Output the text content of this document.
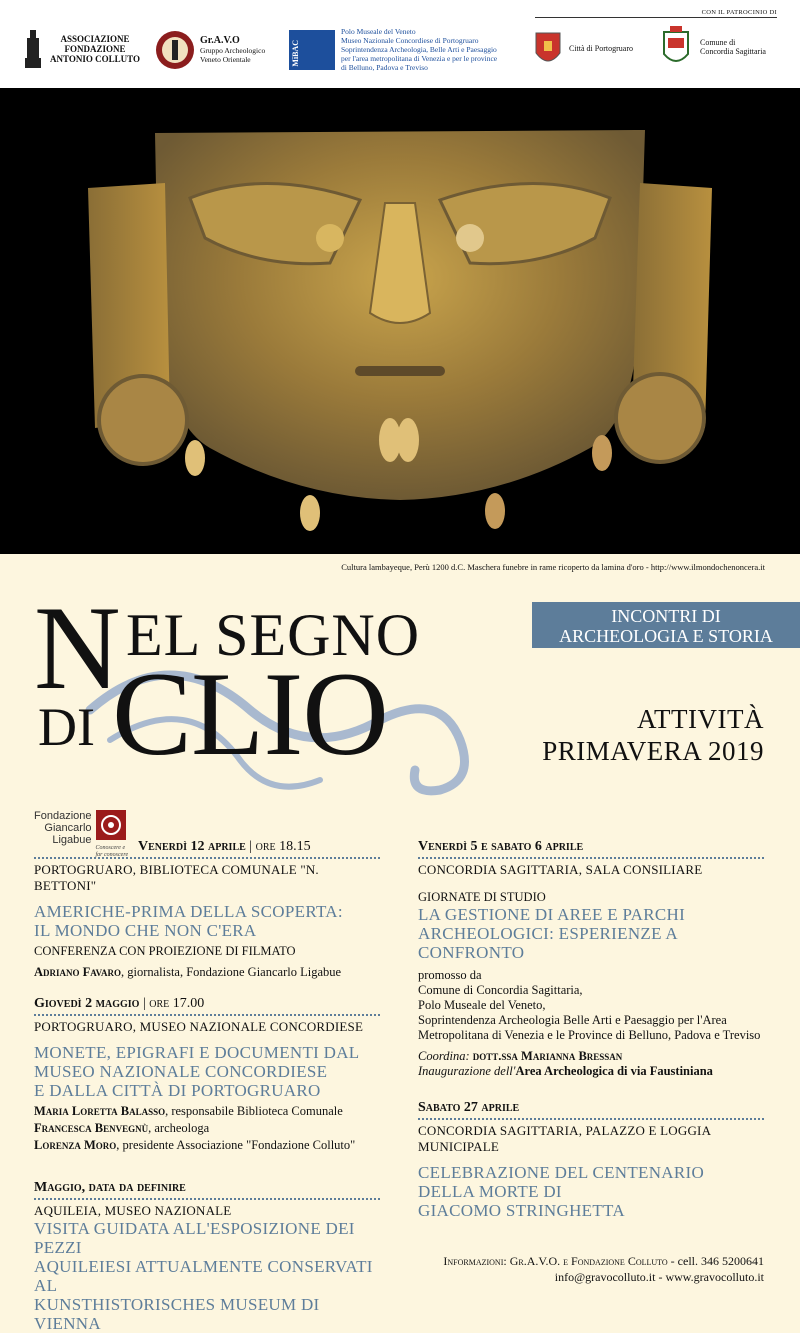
ASSOCIAZIONE
FONDAZIONE
ANTONIO COLLUTO
Gr.A.V.O
Gruppo Archeologico
Veneto Orientale	MiBAC
Polo Museale del Veneto
Museo Nazionale Concordiese di Portogruaro
Soprintendenza Archeologia, Belle Arti e Paesaggio
per l'area metropolitana di Venezia e per le province
di Belluno, Padova e Treviso
CON IL PATROCINIO DI
Città di Portogruaro
Comune di
Concordia Sagittaria
Cultura lambayeque, Perù 1200 d.C. Maschera funebre in rame ricoperto da lamina d'oro - http://www.ilmondochenoncera.it
N EL SEGNO
DI CLIO
INCONTRI DI
ARCHEOLOGIA E STORIA
ATTIVITÀ
PRIMAVERA 2019
Fondazione
Giancarlo
Ligabue
Conoscere e
far conoscere
Venerdì 12 aprile | ore 18.15
PORTOGRUARO, BIBLIOTECA COMUNALE "N. BETTONI"
AMERICHE-PRIMA DELLA SCOPERTA:
IL MONDO CHE NON C'ERA
CONFERENZA CON PROIEZIONE DI FILMATO
Adriano Favaro, giornalista, Fondazione Giancarlo Ligabue
Giovedì 2 maggio | ore 17.00
PORTOGRUARO, MUSEO NAZIONALE CONCORDIESE
MONETE, EPIGRAFI E DOCUMENTI DAL
MUSEO NAZIONALE CONCORDIESE
E DALLA CITTÀ DI PORTOGRUARO
Maria Loretta Balasso, responsabile Biblioteca Comunale
Francesca Benvegnù, archeologa
Lorenza Moro, presidente Associazione "Fondazione Colluto"
Maggio, data da definire
AQUILEIA, MUSEO NAZIONALE
VISITA GUIDATA ALL'ESPOSIZIONE DEI PEZZI
AQUILEIESI ATTUALMENTE CONSERVATI AL
KUNSTHISTORISCHES MUSEUM DI VIENNA
Venerdì 5 e sabato 6 aprile
CONCORDIA SAGITTARIA, SALA CONSILIARE
GIORNATE DI STUDIO
LA GESTIONE DI AREE E PARCHI
ARCHEOLOGICI: ESPERIENZE A CONFRONTO
promosso da
Comune di Concordia Sagittaria,
Polo Museale del Veneto,
Soprintendenza Archeologia Belle Arti e Paesaggio per l'Area
Metropolitana di Venezia e le Province di Belluno, Padova e Treviso
Coordina: dott.ssa Marianna Bressan
Inaugurazione dell'Area Archeologica di via Faustiniana
Sabato 27 aprile
CONCORDIA SAGITTARIA, PALAZZO E LOGGIA MUNICIPALE
CELEBRAZIONE DEL CENTENARIO
DELLA MORTE DI
GIACOMO STRINGHETTA
Informazioni: Gr.A.V.O. e Fondazione Colluto - cell. 346 5200641
info@gravocolluto.it - www.gravocolluto.it
